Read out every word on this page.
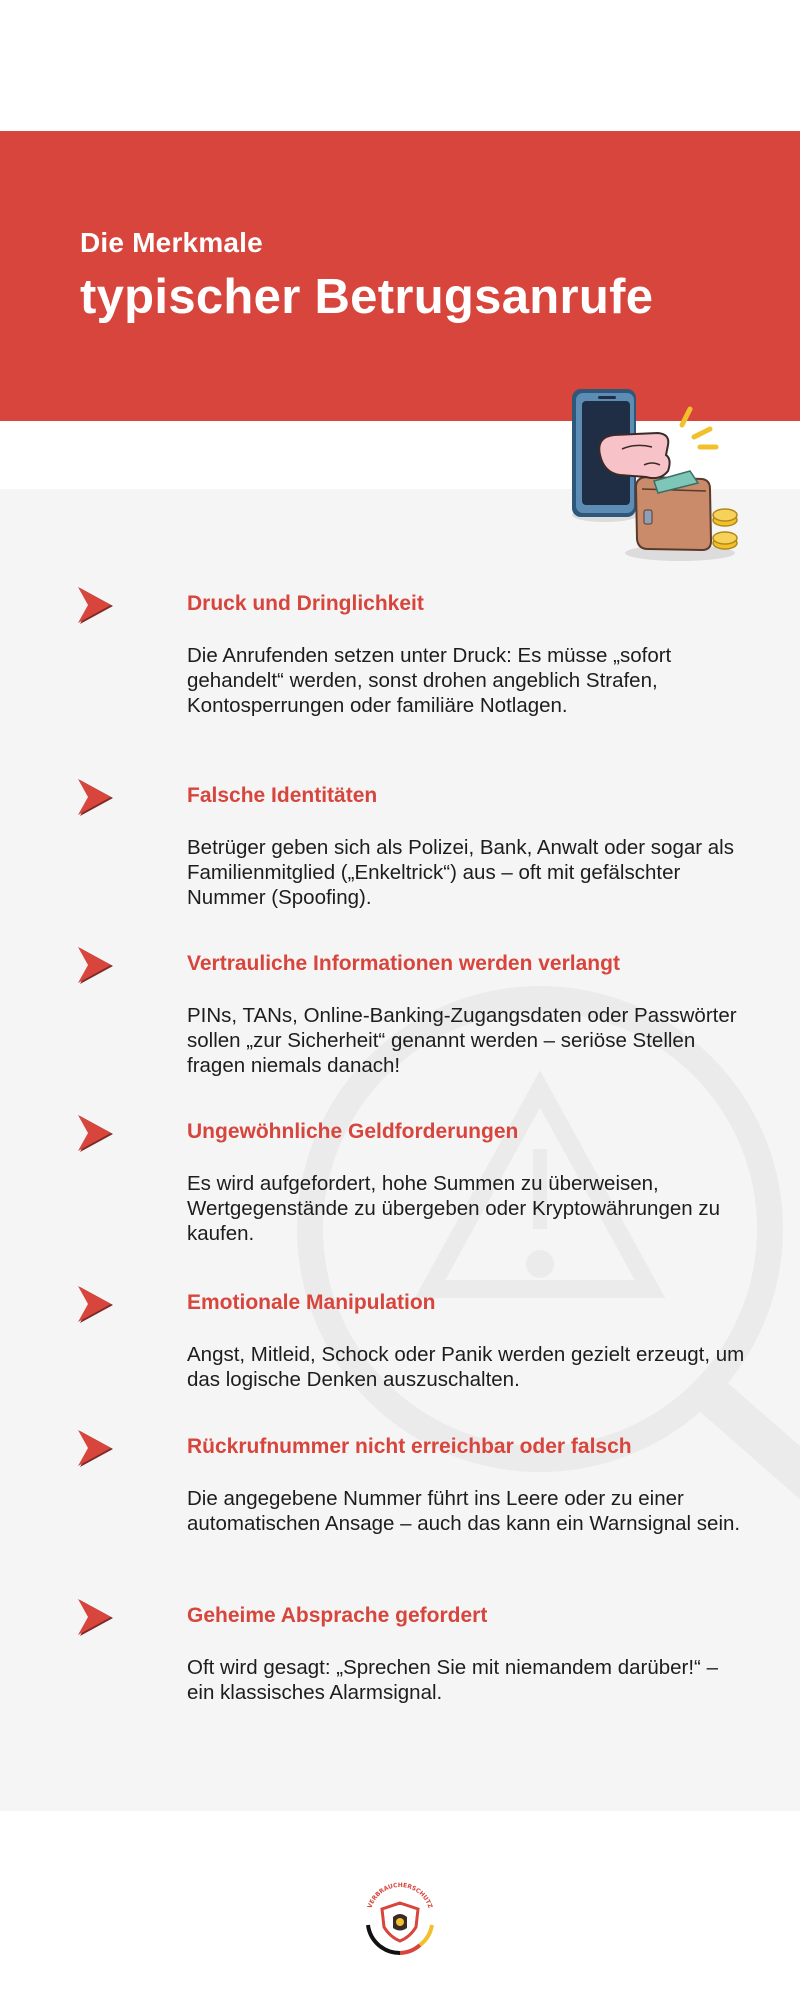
Die Merkmale
typischer Betrugsanrufe
Druck und Dringlichkeit

Die Anrufenden setzen unter Druck: Es müsse „sofort gehandelt“ werden, sonst drohen angeblich Strafen, Kontosperrungen oder familiäre Notlagen.

Falsche Identitäten

Betrüger geben sich als Polizei, Bank, Anwalt oder sogar als Familienmitglied („Enkeltrick“) aus – oft mit gefälschter Nummer (Spoofing).

Vertrauliche Informationen werden verlangt

PINs, TANs, Online-Banking-Zugangsdaten oder Passwörter sollen „zur Sicherheit“ genannt werden – seriöse Stellen fragen niemals danach!

Ungewöhnliche Geldforderungen

Es wird aufgefordert, hohe Summen zu überweisen, Wertgegenstände zu übergeben oder Kryptowährungen zu kaufen.

Emotionale Manipulation

Angst, Mitleid, Schock oder Panik werden gezielt erzeugt, um das logische Denken auszuschalten.

Rückrufnummer nicht erreichbar oder falsch

Die angegebene Nummer führt ins Leere oder zu einer automatischen Ansage – auch das kann ein Warnsignal sein.

Geheime Absprache gefordert

Oft wird gesagt: „Sprechen Sie mit niemandem darüber!“ – ein klassisches Alarmsignal.

VERBRAUCHERSCHUTZ
